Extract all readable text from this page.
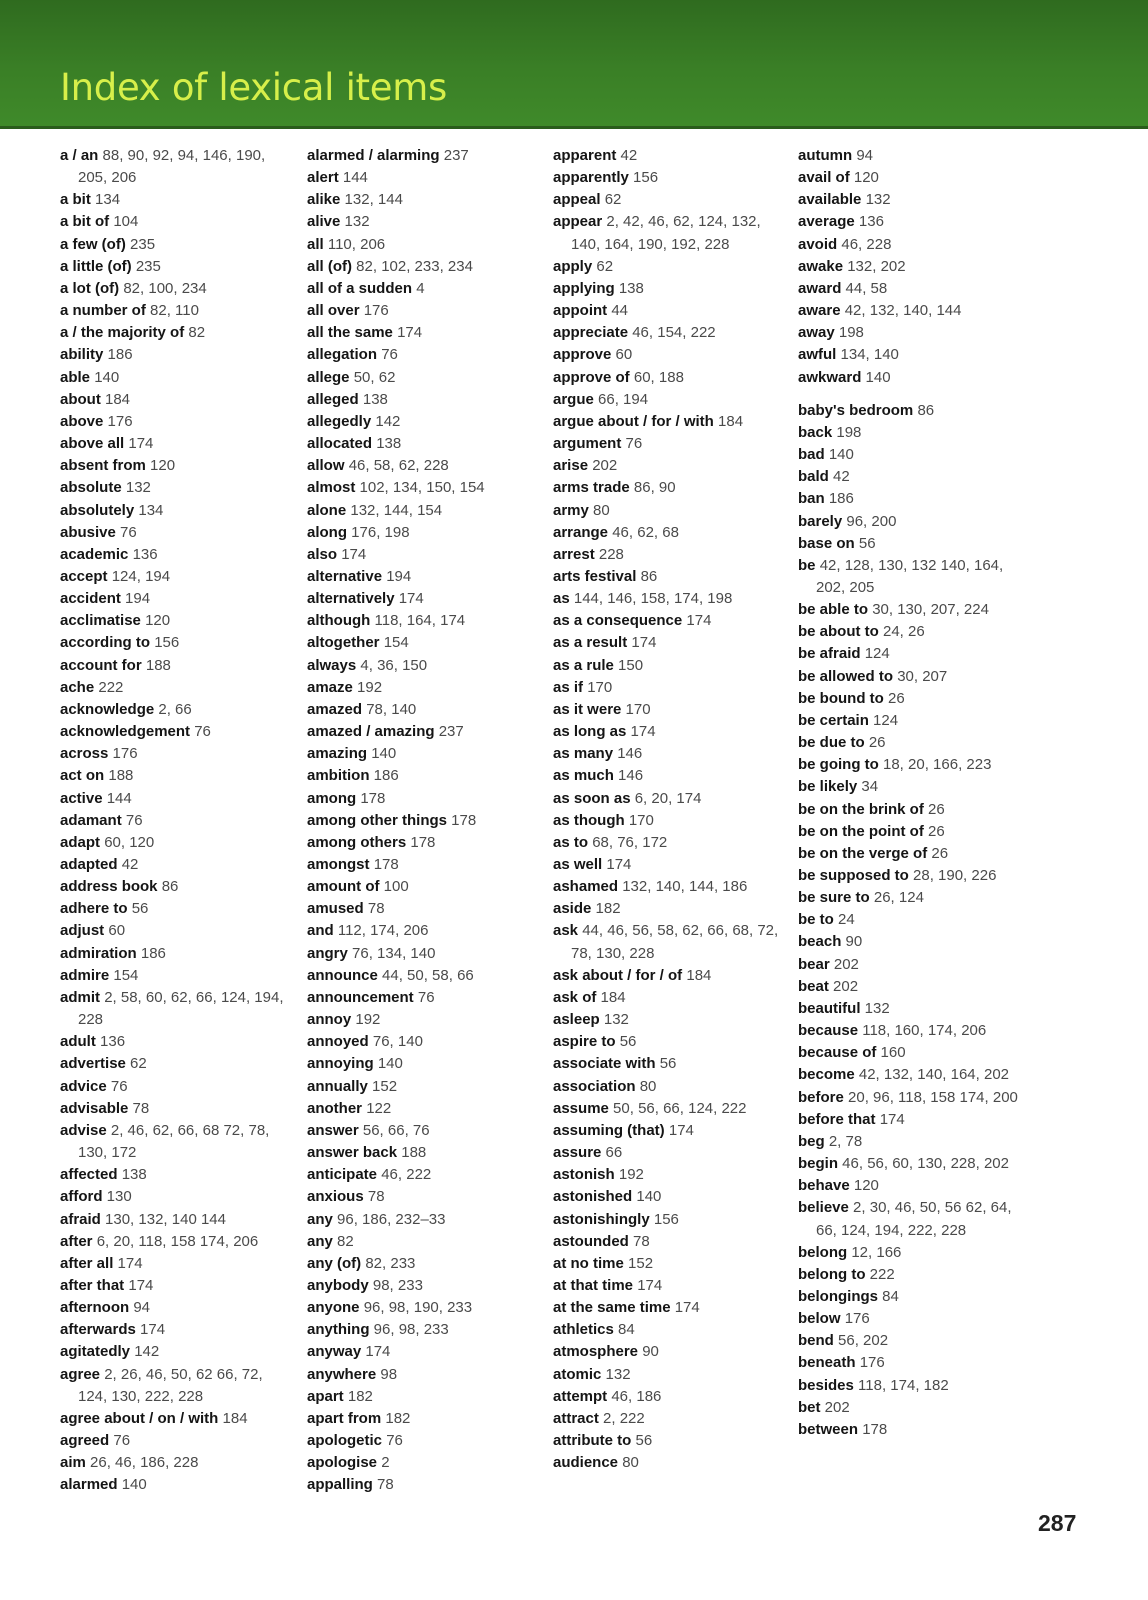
Index of lexical items

a / an 88, 90, 92, 94, 146, 190, 205, 206

a bit 134

a bit of 104

a few (of) 235

a little (of) 235

a lot (of) 82, 100, 234

a number of 82, 110

a / the majority of 82

ability 186

able 140

about 184

above 176

above all 174

absent from 120

absolute 132

absolutely 134

abusive 76

academic 136

accept 124, 194

accident 194

acclimatise 120

according to 156

account for 188

ache 222

acknowledge 2, 66

acknowledgement 76

across 176

act on 188

active 144

adamant 76

adapt 60, 120

adapted 42

address book 86

adhere to 56

adjust 60

admiration 186

admire 154

admit 2, 58, 60, 62, 66, 124, 194, 228

adult 136

advertise 62

advice 76

advisable 78

advise 2, 46, 62, 66, 68 72, 78, 130, 172

affected 138

afford 130

afraid 130, 132, 140 144

after 6, 20, 118, 158 174, 206

after all 174

after that 174

afternoon 94

afterwards 174

agitatedly 142

agree 2, 26, 46, 50, 62 66, 72, 124, 130, 222, 228

agree about / on / with 184

agreed 76

aim 26, 46, 186, 228

alarmed 140

alarmed / alarming 237

alert 144

alike 132, 144

alive 132

all 110, 206

all (of) 82, 102, 233, 234

all of a sudden 4

all over 176

all the same 174

allegation 76

allege 50, 62

alleged 138

allegedly 142

allocated 138

allow 46, 58, 62, 228

almost 102, 134, 150, 154

alone 132, 144, 154

along 176, 198

also 174

alternative 194

alternatively 174

although 118, 164, 174

altogether 154

always 4, 36, 150

amaze 192

amazed 78, 140

amazed / amazing 237

amazing 140

ambition 186

among 178

among other things 178

among others 178

amongst 178

amount of 100

amused 78

and 112, 174, 206

angry 76, 134, 140

announce 44, 50, 58, 66

announcement 76

annoy 192

annoyed 76, 140

annoying 140

annually 152

another 122

answer 56, 66, 76

answer back 188

anticipate 46, 222

anxious 78

any 96, 186, 232–33

any 82

any (of) 82, 233

anybody 98, 233

anyone 96, 98, 190, 233

anything 96, 98, 233

anyway 174

anywhere 98

apart 182

apart from 182

apologetic 76

apologise 2

appalling 78

apparent 42

apparently 156

appeal 62

appear 2, 42, 46, 62, 124, 132, 140, 164, 190, 192, 228

apply 62

applying 138

appoint 44

appreciate 46, 154, 222

approve 60

approve of 60, 188

argue 66, 194

argue about / for / with 184

argument 76

arise 202

arms trade 86, 90

army 80

arrange 46, 62, 68

arrest 228

arts festival 86

as 144, 146, 158, 174, 198

as a consequence 174

as a result 174

as a rule 150

as if 170

as it were 170

as long as 174

as many 146

as much 146

as soon as 6, 20, 174

as though 170

as to 68, 76, 172

as well 174

ashamed 132, 140, 144, 186

aside 182

ask 44, 46, 56, 58, 62, 66, 68, 72, 78, 130, 228

ask about / for / of 184

ask of 184

asleep 132

aspire to 56

associate with 56

association 80

assume 50, 56, 66, 124, 222

assuming (that) 174

assure 66

astonish 192

astonished 140

astonishingly 156

astounded 78

at no time 152

at that time 174

at the same time 174

athletics 84

atmosphere 90

atomic 132

attempt 46, 186

attract 2, 222

attribute to 56

audience 80

autumn 94

avail of 120

available 132

average 136

avoid 46, 228

awake 132, 202

award 44, 58

aware 42, 132, 140, 144

away 198

awful 134, 140

awkward 140

baby's bedroom 86

back 198

bad 140

bald 42

ban 186

barely 96, 200

base on 56

be 42, 128, 130, 132 140, 164, 202, 205

be able to 30, 130, 207, 224

be about to 24, 26

be afraid 124

be allowed to 30, 207

be bound to 26

be certain 124

be due to 26

be going to 18, 20, 166, 223

be likely 34

be on the brink of 26

be on the point of 26

be on the verge of 26

be supposed to 28, 190, 226

be sure to 26, 124

be to 24

beach 90

bear 202

beat 202

beautiful 132

because 118, 160, 174, 206

because of 160

become 42, 132, 140, 164, 202

before 20, 96, 118, 158 174, 200

before that 174

beg 2, 78

begin 46, 56, 60, 130, 228, 202

behave 120

believe 2, 30, 46, 50, 56 62, 64, 66, 124, 194, 222, 228

belong 12, 166

belong to 222

belongings 84

below 176

bend 56, 202

beneath 176

besides 118, 174, 182

bet 202

between 178

287
